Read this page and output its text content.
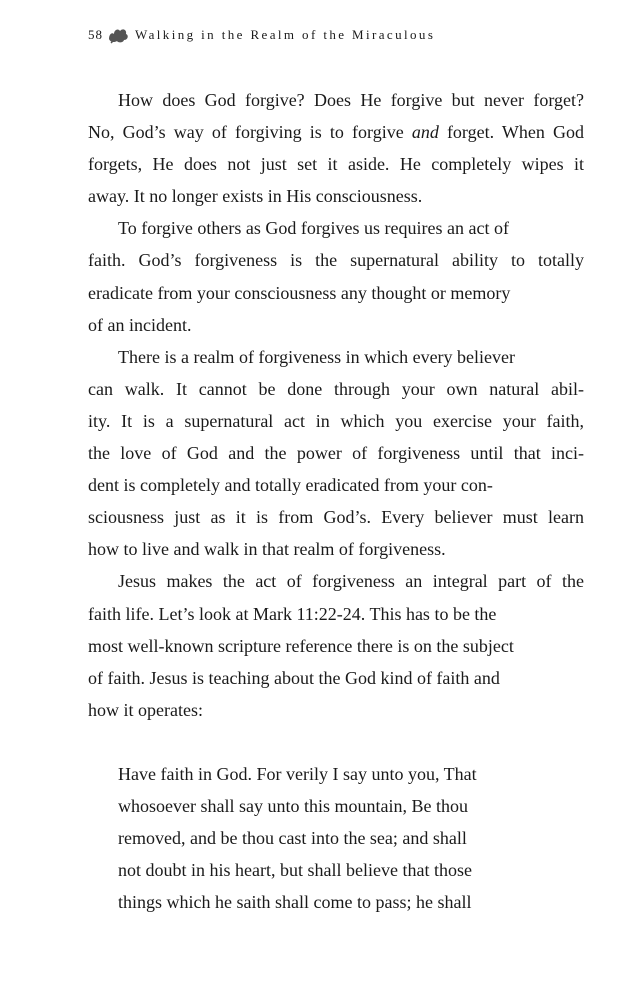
58 Walking in the Realm of the Miraculous
How does God forgive? Does He forgive but never forget?
No, God’s way of forgiving is to forgive and forget. When God
forgets, He does not just set it aside. He completely wipes it
away. It no longer exists in His consciousness.
To forgive others as God forgives us requires an act of
faith. God’s forgiveness is the supernatural ability to totally
eradicate from your consciousness any thought or memory
of an incident.
There is a realm of forgiveness in which every believer
can walk. It cannot be done through your own natural abil-
ity. It is a supernatural act in which you exercise your faith,
the love of God and the power of forgiveness until that inci-
dent is completely and totally eradicated from your con-
sciousness just as it is from God’s. Every believer must learn
how to live and walk in that realm of forgiveness.
Jesus makes the act of forgiveness an integral part of the
faith life. Let’s look at Mark 11:22-24. This has to be the
most well-known scripture reference there is on the subject
of faith. Jesus is teaching about the God kind of faith and
how it operates:
Have faith in God. For verily I say unto you, That
whosoever shall say unto this mountain, Be thou
removed, and be thou cast into the sea; and shall
not doubt in his heart, but shall believe that those
things which he saith shall come to pass; he shall
